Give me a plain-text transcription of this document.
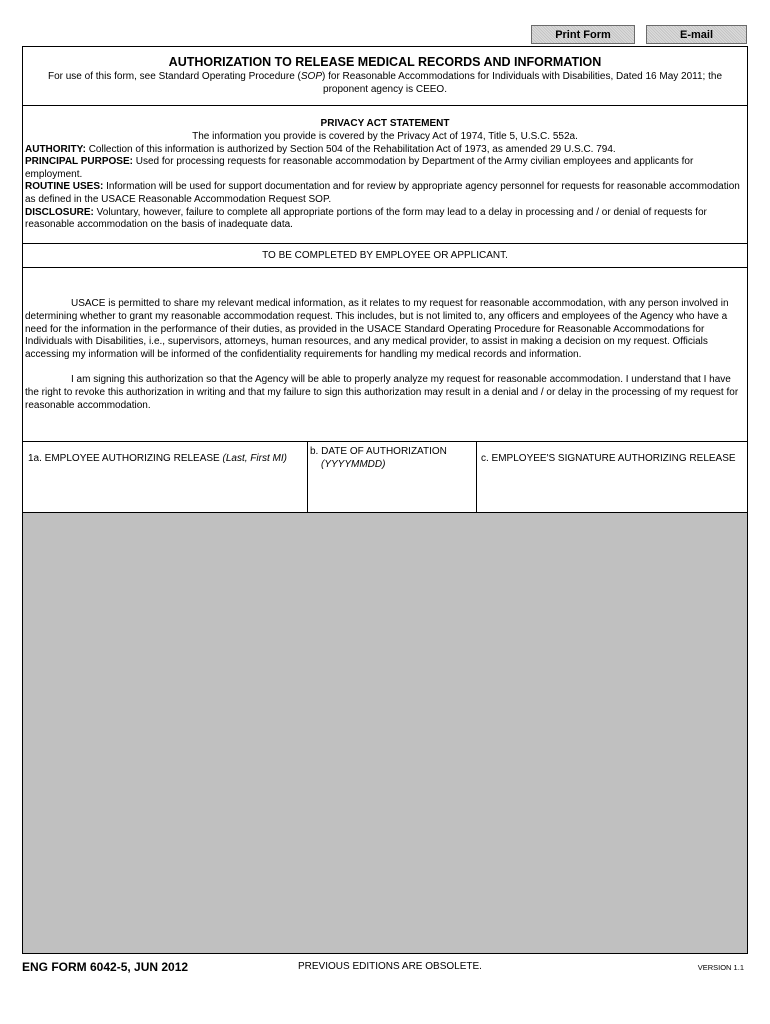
Print Form	E-mail
AUTHORIZATION TO RELEASE MEDICAL RECORDS AND INFORMATION
For use of this form, see Standard Operating Procedure (SOP) for Reasonable Accommodations for Individuals with Disabilities, Dated 16 May 2011; the proponent agency is CEEO.
PRIVACY ACT STATEMENT

The information you provide is covered by the Privacy Act of 1974, Title 5, U.S.C. 552a.

AUTHORITY: Collection of this information is authorized by Section 504 of the Rehabilitation Act of 1973, as amended 29 U.S.C. 794.

PRINCIPAL PURPOSE: Used for processing requests for reasonable accommodation by Department of the Army civilian employees and applicants for employment.

ROUTINE USES: Information will be used for support documentation and for review by appropriate agency personnel for requests for reasonable accommodation as defined in the USACE Reasonable Accommodation Request SOP.

DISCLOSURE: Voluntary, however, failure to complete all appropriate portions of the form may lead to a delay in processing and / or denial of requests for reasonable accommodation on the basis of inadequate data.

TO BE COMPLETED BY EMPLOYEE OR APPLICANT.

USACE is permitted to share my relevant medical information, as it relates to my request for reasonable accommodation, with any person involved in determining whether to grant my reasonable accommodation request. This includes, but is not limited to, any officers and employees of the Agency who have a need for the information in the performance of their duties, as provided in the USACE Standard Operating Procedure for Reasonable Accommodations for Individuals with Disabilities, i.e., supervisors, attorneys, human resources, and any medical provider, to assist in making a decision on my request. Officials accessing my information will be informed of the confidentiality requirements for handling my medical records and information.

I am signing this authorization so that the Agency will be able to properly analyze my request for reasonable accommodation. I understand that I have the right to revoke this authorization in writing and that my failure to sign this authorization may result in a denial and / or delay in the processing of my request for reasonable accommodation.

1a. EMPLOYEE AUTHORIZING RELEASE (Last, First MI)
b. DATE OF AUTHORIZATION
(YYYYMMDD)
c. EMPLOYEE'S SIGNATURE AUTHORIZING RELEASE
ENG FORM 6042-5, JUN 2012	PREVIOUS EDITIONS ARE OBSOLETE.	VERSION 1.1
